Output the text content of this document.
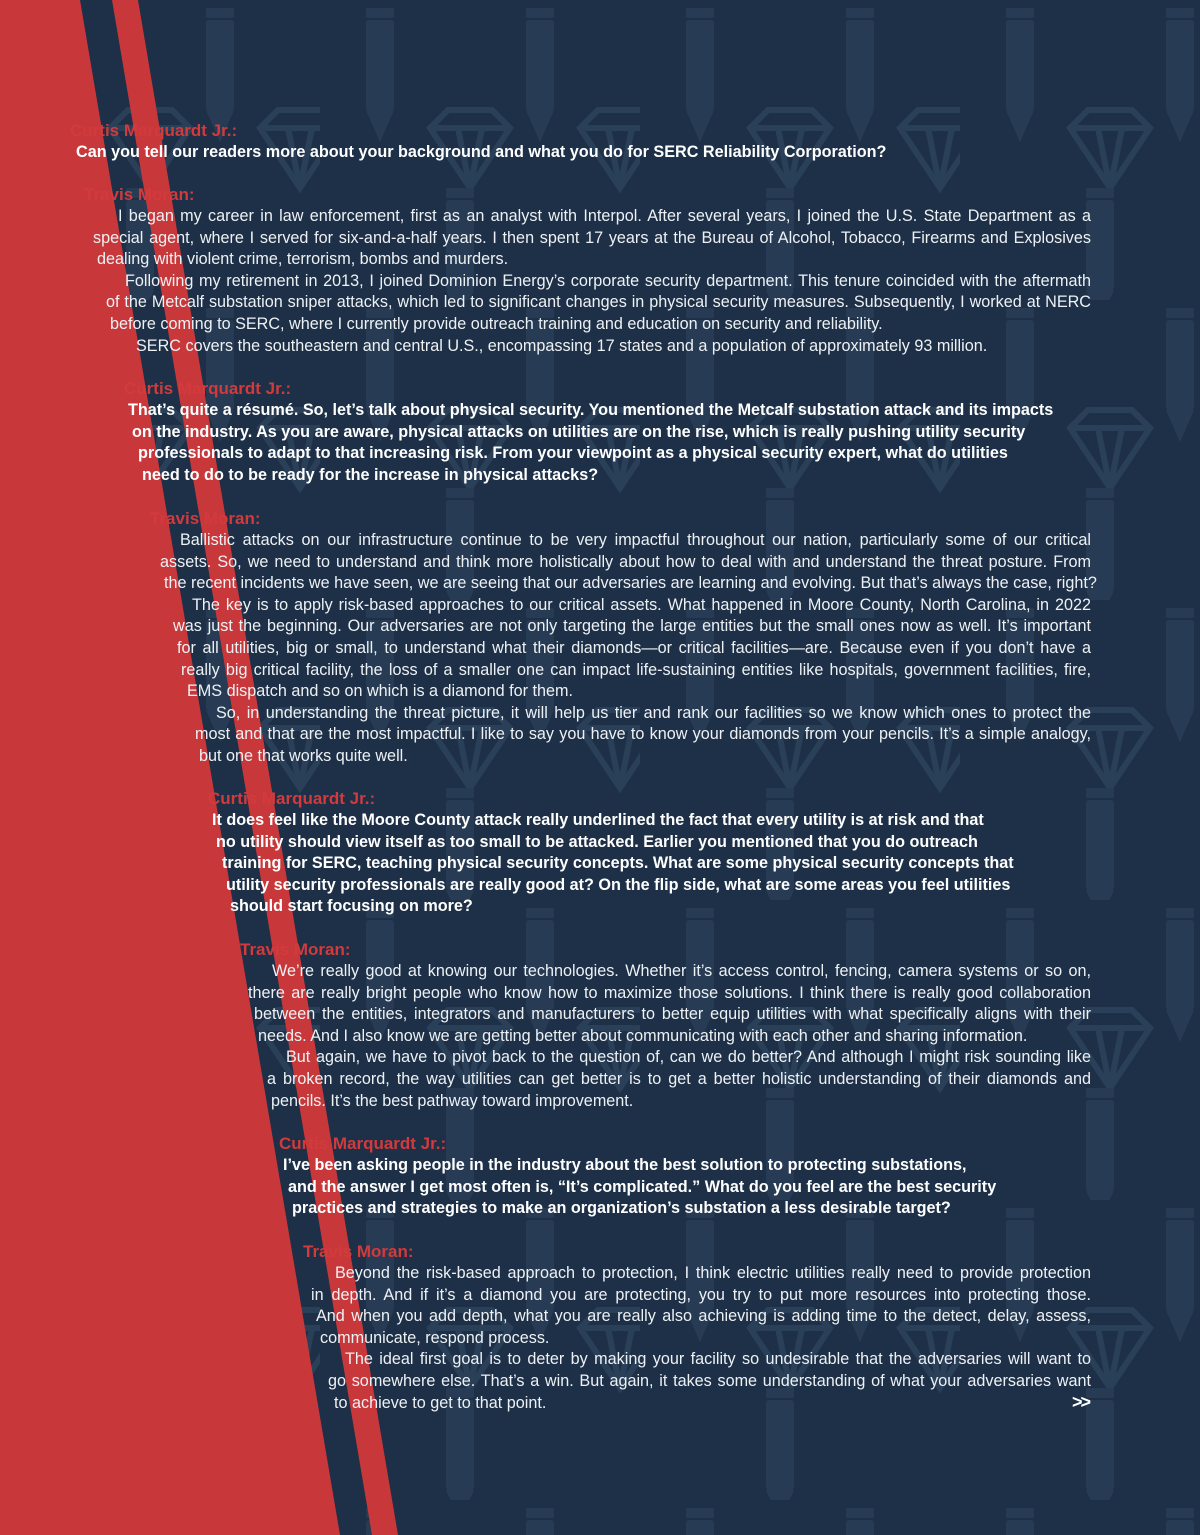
Curtis Marquardt Jr.:
Can you tell our readers more about your background and what you do for SERC Reliability Corporation?
Travis Moran:
I began my career in law enforcement, first as an analyst with Interpol. After several years, I joined the U.S. State Department as a
special agent, where I served for six-and-a-half years. I then spent 17 years at the Bureau of Alcohol, Tobacco, Firearms and Explosives
dealing with violent crime, terrorism, bombs and murders.
Following my retirement in 2013, I joined Dominion Energy’s corporate security department. This tenure coincided with the aftermath
of the Metcalf substation sniper attacks, which led to significant changes in physical security measures. Subsequently, I worked at NERC
before coming to SERC, where I currently provide outreach training and education on security and reliability.
SERC covers the southeastern and central U.S., encompassing 17 states and a population of approximately 93 million.
Curtis Marquardt Jr.:
That’s quite a résumé. So, let’s talk about physical security. You mentioned the Metcalf substation attack and its impacts
on the industry. As you are aware, physical attacks on utilities are on the rise, which is really pushing utility security
professionals to adapt to that increasing risk. From your viewpoint as a physical security expert, what do utilities
need to do to be ready for the increase in physical attacks?
Travis Moran:
Ballistic attacks on our infrastructure continue to be very impactful throughout our nation, particularly some of our critical
assets. So, we need to understand and think more holistically about how to deal with and understand the threat posture. From
the recent incidents we have seen, we are seeing that our adversaries are learning and evolving. But that’s always the case, right?
The key is to apply risk-based approaches to our critical assets. What happened in Moore County, North Carolina, in 2022
was just the beginning. Our adversaries are not only targeting the large entities but the small ones now as well. It’s important
for all utilities, big or small, to understand what their diamonds—or critical facilities—are. Because even if you don’t have a
really big critical facility, the loss of a smaller one can impact life-sustaining entities like hospitals, government facilities, fire,
EMS dispatch and so on which is a diamond for them.
So, in understanding the threat picture, it will help us tier and rank our facilities so we know which ones to protect the
most and that are the most impactful. I like to say you have to know your diamonds from your pencils. It’s a simple analogy,
but one that works quite well.
Curtis Marquardt Jr.:
It does feel like the Moore County attack really underlined the fact that every utility is at risk and that
no utility should view itself as too small to be attacked. Earlier you mentioned that you do outreach
training for SERC, teaching physical security concepts. What are some physical security concepts that
utility security professionals are really good at? On the flip side, what are some areas you feel utilities
should start focusing on more?
Travis Moran:
We’re really good at knowing our technologies. Whether it’s access control, fencing, camera systems or so on,
there are really bright people who know how to maximize those solutions. I think there is really good collaboration
between the entities, integrators and manufacturers to better equip utilities with what specifically aligns with their
needs. And I also know we are getting better about communicating with each other and sharing information.
But again, we have to pivot back to the question of, can we do better? And although I might risk sounding like
a broken record, the way utilities can get better is to get a better holistic understanding of their diamonds and
pencils. It’s the best pathway toward improvement.
Curtis Marquardt Jr.:
I’ve been asking people in the industry about the best solution to protecting substations,
and the answer I get most often is, “It’s complicated.” What do you feel are the best security
practices and strategies to make an organization’s substation a less desirable target?
Travis Moran:
Beyond the risk-based approach to protection, I think electric utilities really need to provide protection
in depth. And if it’s a diamond you are protecting, you try to put more resources into protecting those.
And when you add depth, what you are really also achieving is adding time to the detect, delay, assess,
communicate, respond process.
The ideal first goal is to deter by making your facility so undesirable that the adversaries will want to
go somewhere else. That’s a win. But again, it takes some understanding of what your adversaries want
to achieve to get to that point.	>>
